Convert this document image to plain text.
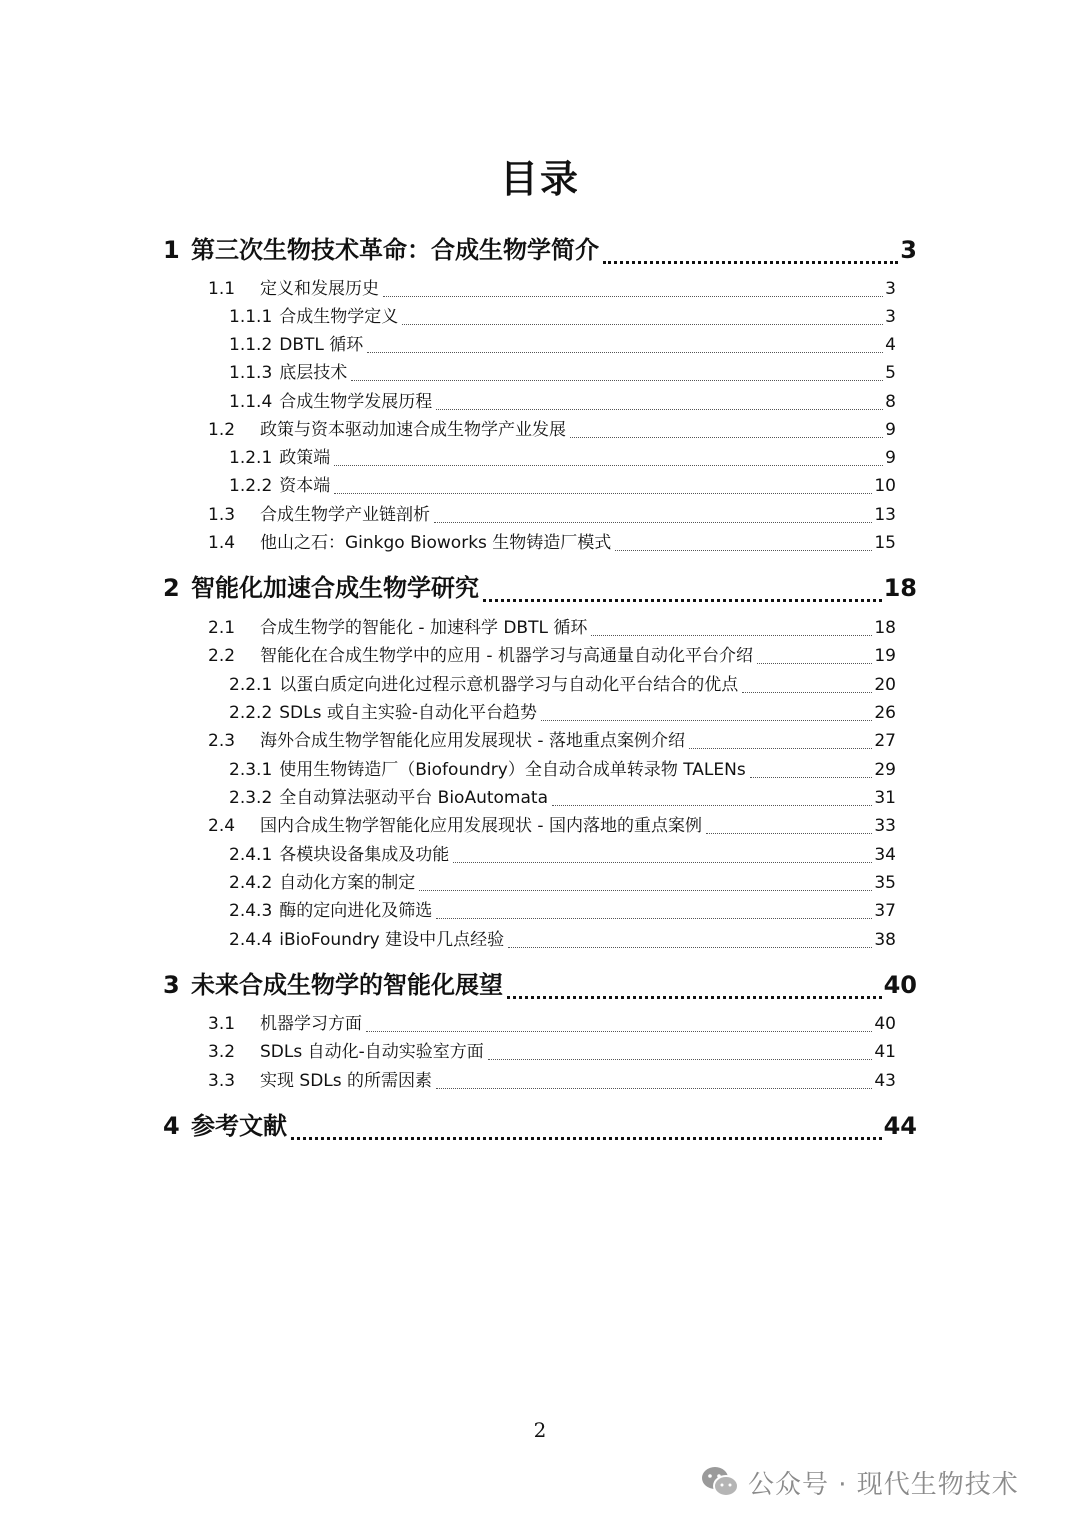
目录
1 第三次生物技术革命：合成生物学简介	3
1.1	定义和发展历史	3
1.1.1 合成生物学定义	3
1.1.2 DBTL 循环	4
1.1.3 底层技术	5
1.1.4 合成生物学发展历程	8
1.2	政策与资本驱动加速合成生物学产业发展	9
1.2.1 政策端	9
1.2.2 资本端	10
1.3	合成生物学产业链剖析	13
1.4	他山之石：Ginkgo Bioworks 生物铸造厂模式	15
2 智能化加速合成生物学研究	18
2.1	合成生物学的智能化 - 加速科学 DBTL 循环	18
2.2	智能化在合成生物学中的应用 - 机器学习与高通量自动化平台介绍	19
2.2.1 以蛋白质定向进化过程示意机器学习与自动化平台结合的优点	20
2.2.2 SDLs 或自主实验-自动化平台趋势	26
2.3	海外合成生物学智能化应用发展现状 - 落地重点案例介绍	27
2.3.1 使用生物铸造厂（Biofoundry）全自动合成单转录物 TALENs	29
2.3.2 全自动算法驱动平台 BioAutomata	31
2.4	国内合成生物学智能化应用发展现状 - 国内落地的重点案例	33
2.4.1 各模块设备集成及功能	34
2.4.2 自动化方案的制定	35
2.4.3 酶的定向进化及筛选	37
2.4.4 iBioFoundry 建设中几点经验	38
3 未来合成生物学的智能化展望	40
3.1	机器学习方面	40
3.2	SDLs 自动化-自动实验室方面	41
3.3	实现 SDLs 的所需因素	43
4 参考文献	44
2
公众号 · 现代生物技术
